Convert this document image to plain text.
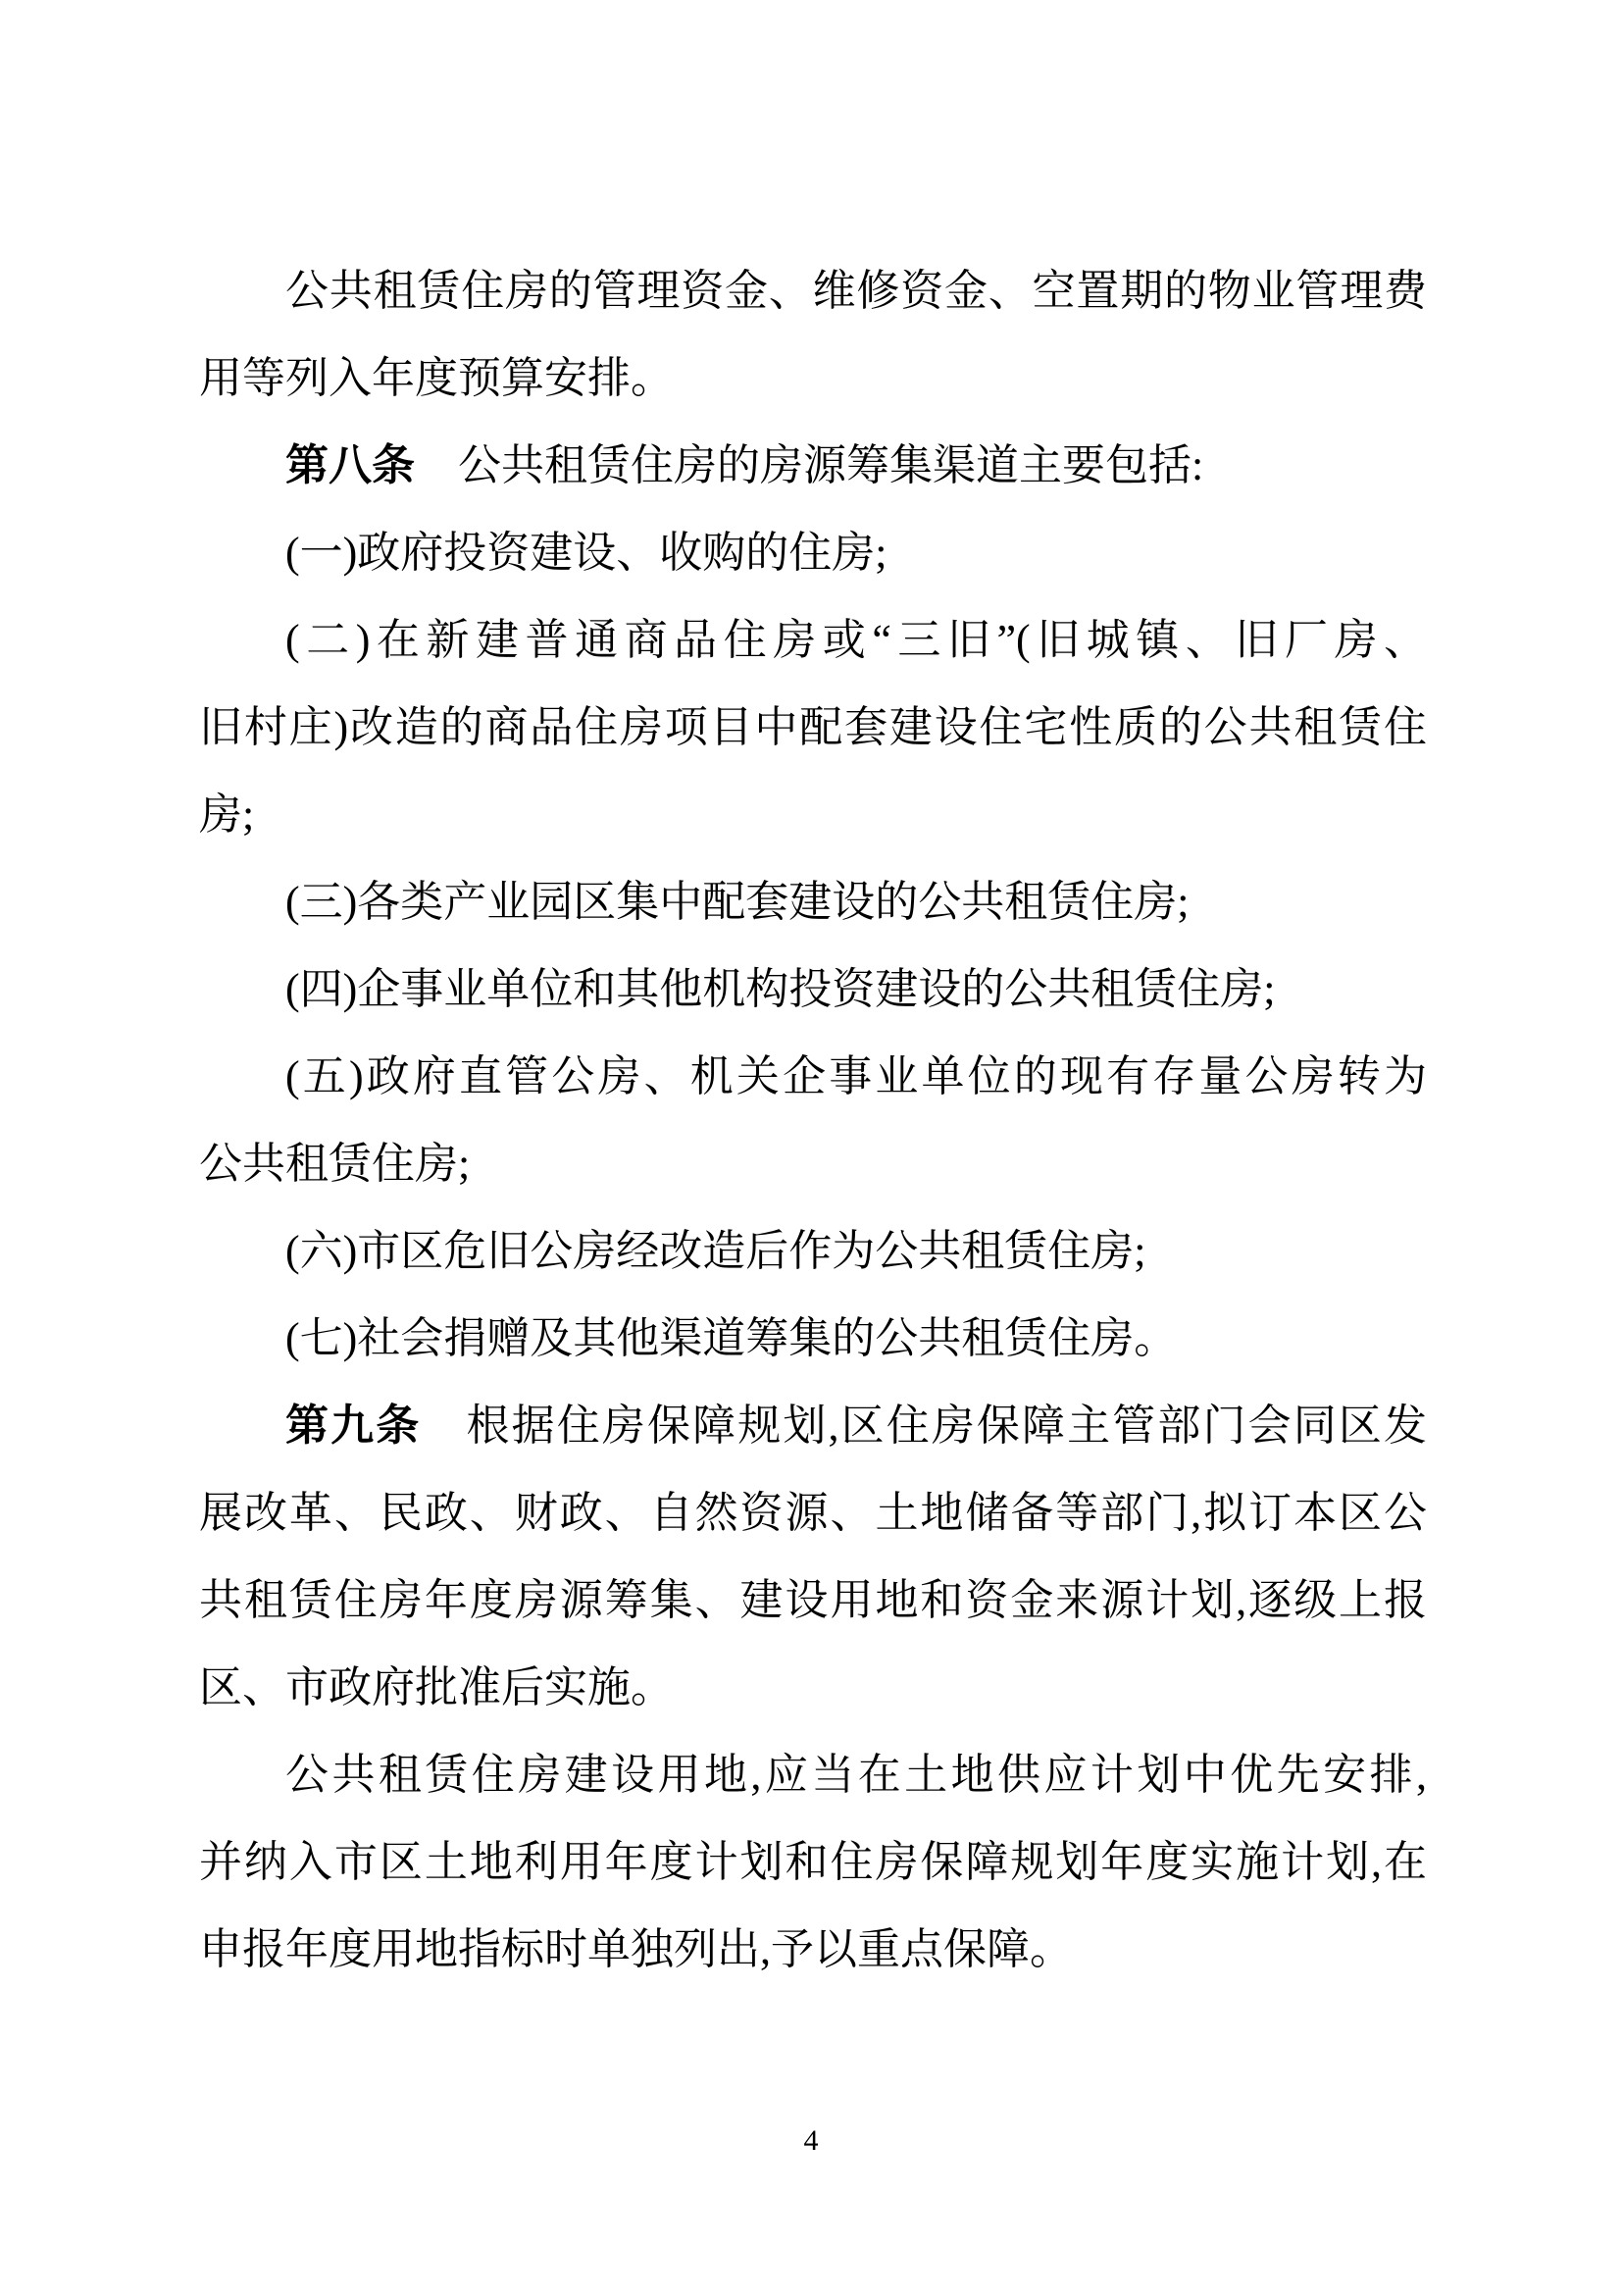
公共租赁住房的管理资金、维修资金、空置期的物业管理费
用等列入年度预算安排。
第八条　公共租赁住房的房源筹集渠道主要包括:
(一)政府投资建设、收购的住房;
(二)在新建普通商品住房或“三旧”(旧城镇、旧厂房、
旧村庄)改造的商品住房项目中配套建设住宅性质的公共租赁住
房;
(三)各类产业园区集中配套建设的公共租赁住房;
(四)企事业单位和其他机构投资建设的公共租赁住房;
(五)政府直管公房、机关企事业单位的现有存量公房转为
公共租赁住房;
(六)市区危旧公房经改造后作为公共租赁住房;
(七)社会捐赠及其他渠道筹集的公共租赁住房。
第九条　根据住房保障规划,区住房保障主管部门会同区发
展改革、民政、财政、自然资源、土地储备等部门,拟订本区公
共租赁住房年度房源筹集、建设用地和资金来源计划,逐级上报
区、市政府批准后实施。
公共租赁住房建设用地,应当在土地供应计划中优先安排,
并纳入市区土地利用年度计划和住房保障规划年度实施计划,在
申报年度用地指标时单独列出,予以重点保障。
4
